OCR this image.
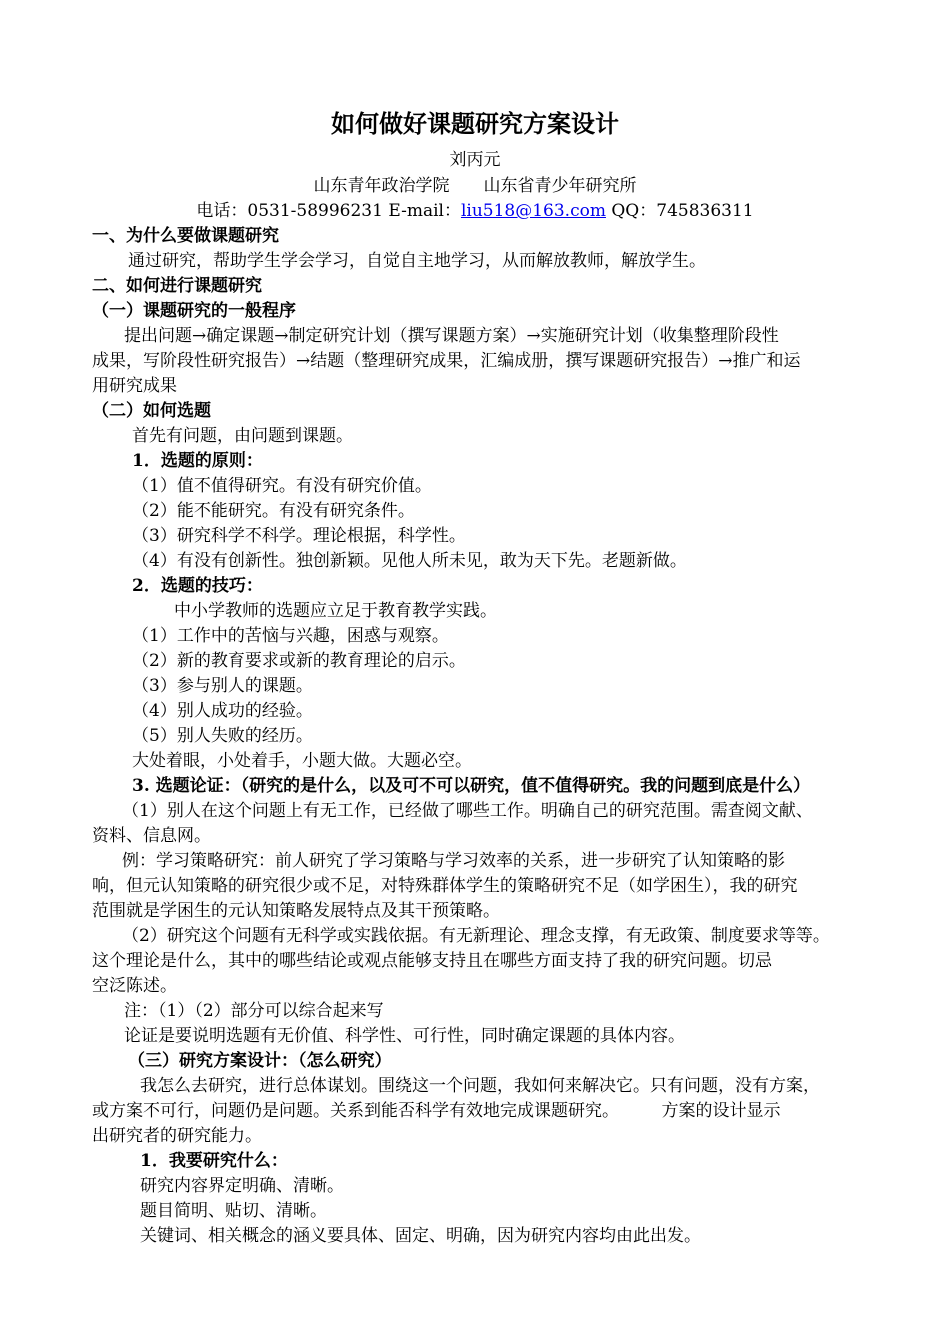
如何做好课题研究方案设计
刘丙元
山东青年政治学院　　山东省青少年研究所
电话：0531-58996231 E-mail：liu518@163.com QQ：745836311
一、为什么要做课题研究
通过研究，帮助学生学会学习，自觉自主地学习，从而解放教师，解放学生。
二、如何进行课题研究
（一）课题研究的一般程序
提出问题→确定课题→制定研究计划（撰写课题方案）→实施研究计划（收集整理阶段性
成果，写阶段性研究报告）→结题（整理研究成果，汇编成册，撰写课题研究报告）→推广和运
用研究成果
（二）如何选题
首先有问题，由问题到课题。
1．选题的原则：
（1）值不值得研究。有没有研究价值。
（2）能不能研究。有没有研究条件。
（3）研究科学不科学。理论根据，科学性。
（4）有没有创新性。独创新颖。见他人所未见，敢为天下先。老题新做。
2．选题的技巧：
中小学教师的选题应立足于教育教学实践。
（1）工作中的苦恼与兴趣，困惑与观察。
（2）新的教育要求或新的教育理论的启示。
（3）参与别人的课题。
（4）别人成功的经验。
（5）别人失败的经历。
大处着眼，小处着手，小题大做。大题必空。
3. 选题论证：（研究的是什么，以及可不可以研究，值不值得研究。我的问题到底是什么）
（1）别人在这个问题上有无工作，已经做了哪些工作。明确自己的研究范围。需查阅文献、
资料、信息网。
例：学习策略研究：前人研究了学习策略与学习效率的关系，进一步研究了认知策略的影
响，但元认知策略的研究很少或不足，对特殊群体学生的策略研究不足（如学困生），我的研究
范围就是学困生的元认知策略发展特点及其干预策略。
（2）研究这个问题有无科学或实践依据。有无新理论、理念支撑，有无政策、制度要求等等。
这个理论是什么，其中的哪些结论或观点能够支持且在哪些方面支持了我的研究问题。切忌
空泛陈述。
注：（1）（2）部分可以综合起来写
论证是要说明选题有无价值、科学性、可行性，同时确定课题的具体内容。
（三）研究方案设计：（怎么研究）
我怎么去研究，进行总体谋划。围绕这一个问题，我如何来解决它。只有问题，没有方案，
或方案不可行，问题仍是问题。关系到能否科学有效地完成课题研究。　　　方案的设计显示
出研究者的研究能力。
1．我要研究什么：
研究内容界定明确、清晰。
题目简明、贴切、清晰。
关键词、相关概念的涵义要具体、固定、明确，因为研究内容均由此出发。
